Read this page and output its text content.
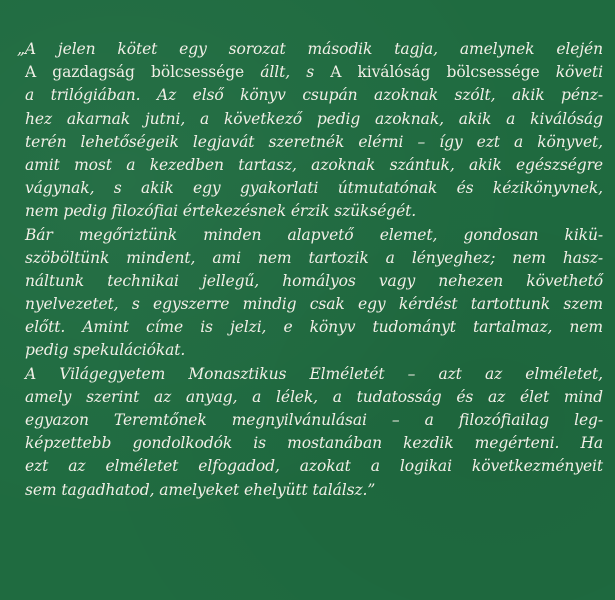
„A jelen kötet egy sorozat második tagja, amelynek elején
A gazdagság bölcsessége állt, s A kiválóság bölcsessége követi
a trilógiában. Az első könyv csupán azoknak szólt, akik pénz-
hez akarnak jutni, a következő pedig azoknak, akik a kiválóság
terén lehetőségeik legjavát szeretnék elérni – így ezt a könyvet,
amit most a kezedben tartasz, azoknak szántuk, akik egészségre
vágynak, s akik egy gyakorlati útmutatónak és kézikönyvnek,
nem pedig filozófiai értekezésnek érzik szükségét.
Bár megőriztünk minden alapvető elemet, gondosan kikü-
szöböltünk mindent, ami nem tartozik a lényeghez; nem hasz-
náltunk technikai jellegű, homályos vagy nehezen követhető
nyelvezetet, s egyszerre mindig csak egy kérdést tartottunk szem
előtt. Amint címe is jelzi, e könyv tudományt tartalmaz, nem
pedig spekulációkat.
A Világegyetem Monasztikus Elméletét – azt az elméletet,
amely szerint az anyag, a lélek, a tudatosság és az élet mind
egyazon Teremtőnek megnyilvánulásai – a filozófiailag leg-
képzettebb gondolkodók is mostanában kezdik megérteni. Ha
ezt az elméletet elfogadod, azokat a logikai következményeit
sem tagadhatod, amelyeket ehelyütt találsz.”
